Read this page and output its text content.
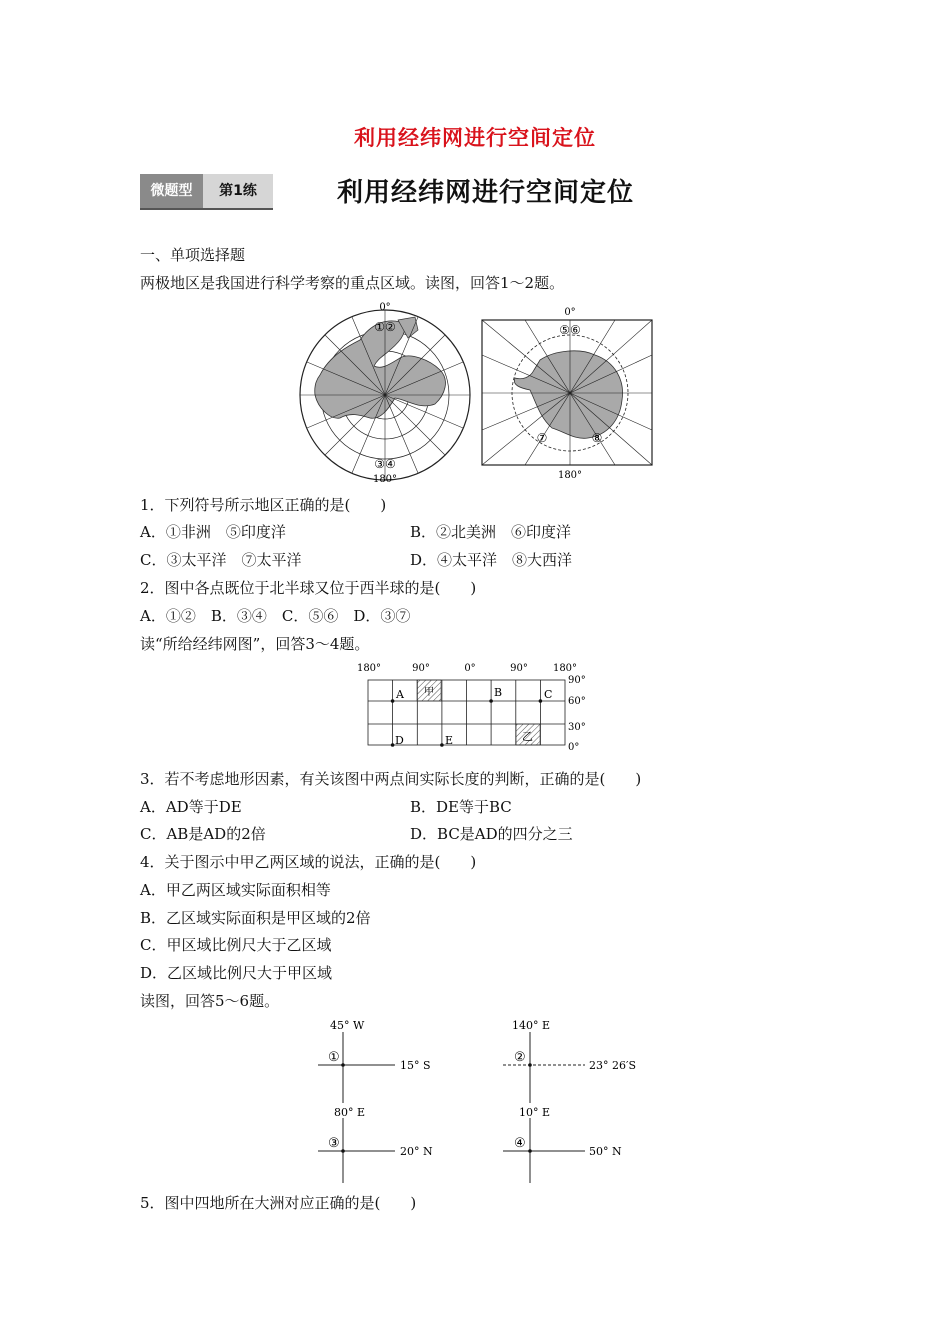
利用经纬网进行空间定位
微题型	第1练	利用经纬网进行空间定位
一、单项选择题
两极地区是我国进行科学考察的重点区域。读图，回答1～2题。
0°
①②
③④
180°
0°
⑤⑥
⑦	⑧
180°
1．下列符号所示地区正确的是(　　)
A．①非洲　⑤印度洋	B．②北美洲　⑥印度洋
C．③太平洋　⑦太平洋	D．④太平洋　⑧大西洋
2．图中各点既位于北半球又位于西半球的是(　　)
A．①②　B．③④　C．⑤⑥　D．③⑦
读“所给经纬网图”，回答3～4题。
180°	90°	0°	90°	180°
A	B	C
D	E
甲
乙
90°
60°
30°
0°
3．若不考虑地形因素，有关该图中两点间实际长度的判断，正确的是(　　)
A．AD等于DE	B．DE等于BC
C．AB是AD的2倍	D．BC是AD的四分之三
4．关于图示中甲乙两区域的说法，正确的是(　　)
A．甲乙两区域实际面积相等
B．乙区域实际面积是甲区域的2倍
C．甲区域比例尺大于乙区域
D．乙区域比例尺大于甲区域
读图，回答5～6题。
45° W
①
15° S
140° E
②
23° 26′S
80° E
③
20° N
10° E
④
50° N
5．图中四地所在大洲对应正确的是(　　)
